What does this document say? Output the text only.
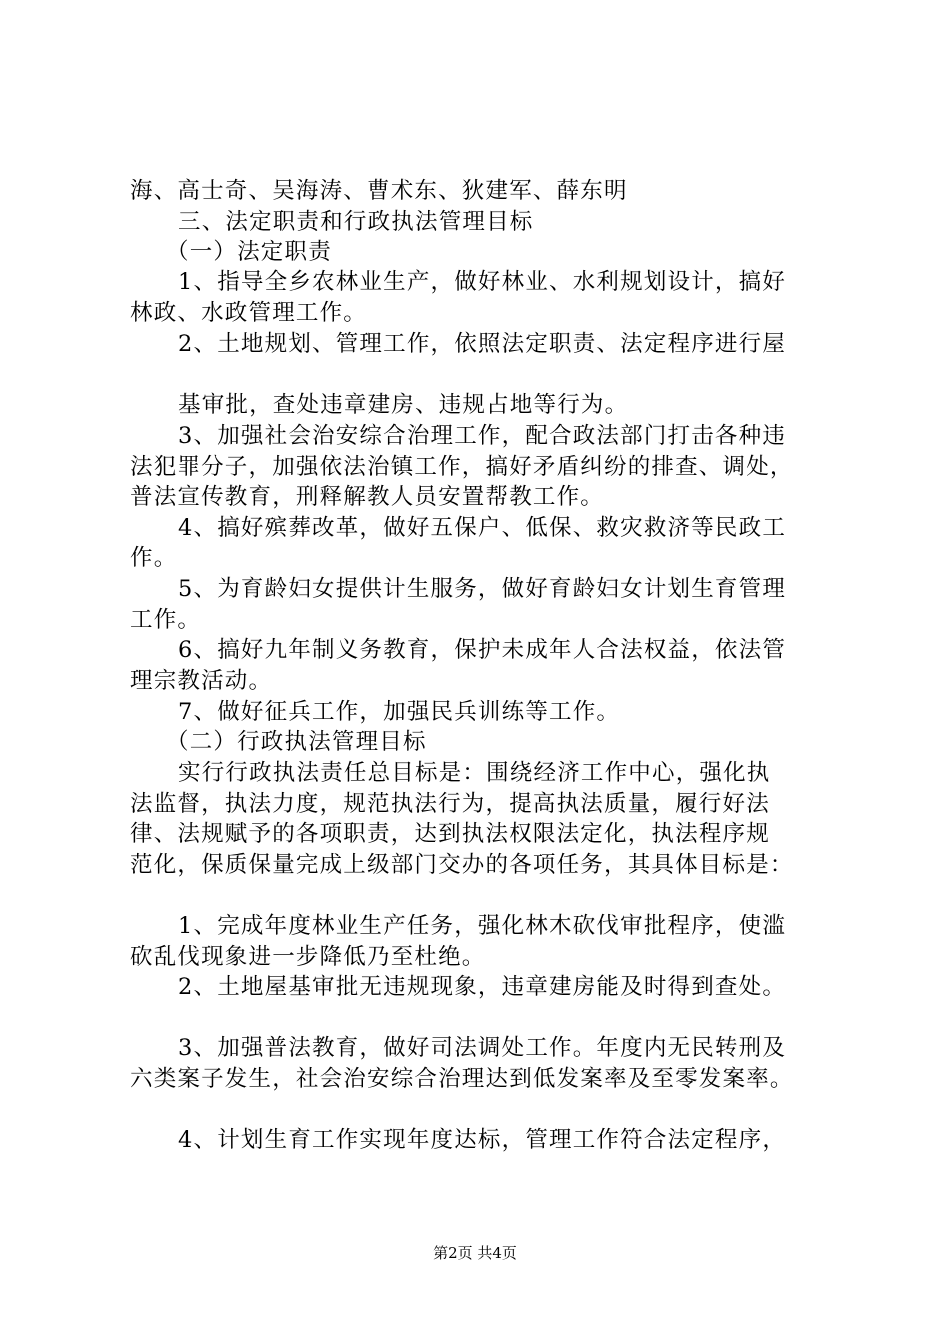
海、高士奇、吴海涛、曹术东、狄建军、薛东明
三、法定职责和行政执法管理目标
（一）法定职责
1、指导全乡农林业生产，做好林业、水利规划设计，搞好
林政、水政管理工作。
2、土地规划、管理工作，依照法定职责、法定程序进行屋
基审批，查处违章建房、违规占地等行为。
3、加强社会治安综合治理工作，配合政法部门打击各种违
法犯罪分子，加强依法治镇工作，搞好矛盾纠纷的排查、调处，
普法宣传教育，刑释解教人员安置帮教工作。
4、搞好殡葬改革，做好五保户、低保、救灾救济等民政工
作。
5、为育龄妇女提供计生服务，做好育龄妇女计划生育管理
工作。
6、搞好九年制义务教育，保护未成年人合法权益，依法管
理宗教活动。
7、做好征兵工作，加强民兵训练等工作。
（二）行政执法管理目标
实行行政执法责任总目标是：围绕经济工作中心，强化执
法监督，执法力度，规范执法行为，提高执法质量，履行好法
律、法规赋予的各项职责，达到执法权限法定化，执法程序规
范化，保质保量完成上级部门交办的各项任务，其具体目标是：
1、完成年度林业生产任务，强化林木砍伐审批程序，使滥
砍乱伐现象进一步降低乃至杜绝。
2、土地屋基审批无违规现象，违章建房能及时得到查处。
3、加强普法教育，做好司法调处工作。年度内无民转刑及
六类案子发生，社会治安综合治理达到低发案率及至零发案率。
4、计划生育工作实现年度达标，管理工作符合法定程序，
第2页 共4页
